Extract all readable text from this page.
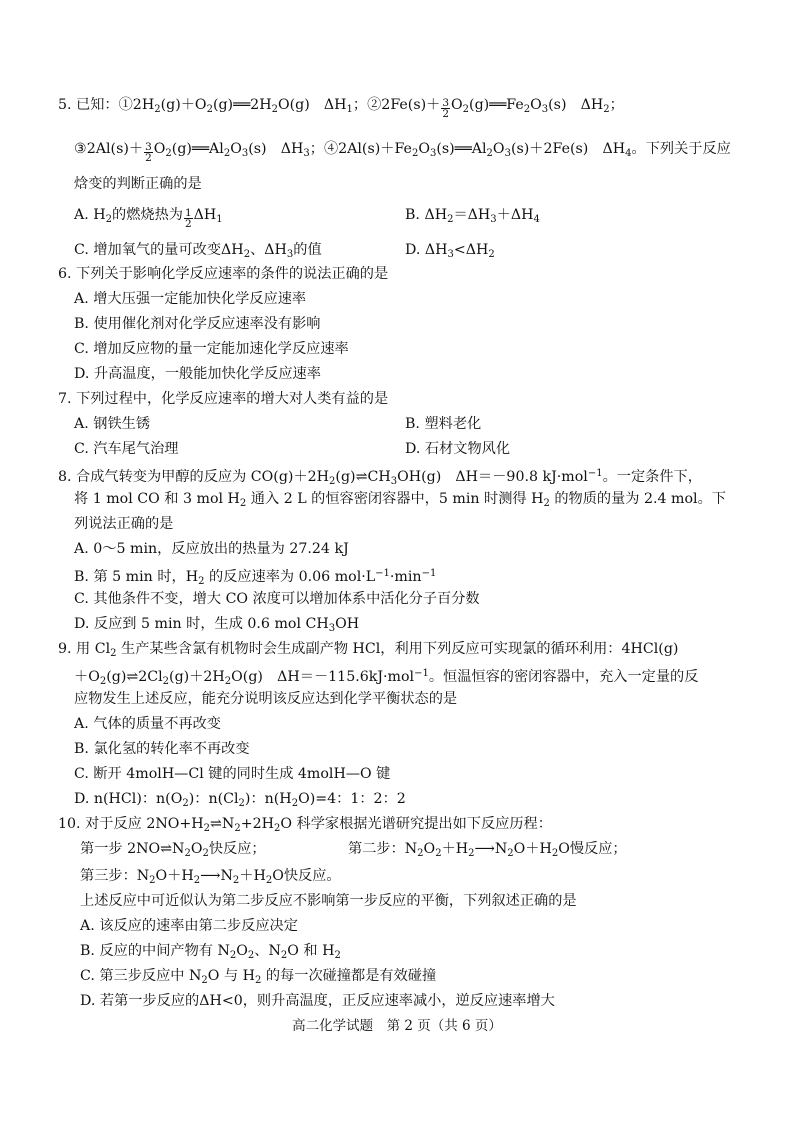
5. 已知：$①2H_2(g)+O_2(g)══2H_2O(g)$　$\Delta H_1$；②2Fe(s)＋ $\frac{3}{2}$ $O_2(g)══Fe_2O_3(s)$　$\Delta H_2$；
③2Al(s)＋ $\frac{3}{2}$ $O_2(g)══Al_2O_3(s)$　$\Delta H_3$；$④2Al(s)+Fe_2O_3(s)══Al_2O_3(s)+2Fe(s)$　$\Delta H_4$。下列关于反应
焓变的判断正确的是
A. $H_2$的燃烧热为 $\frac{1}{2} \Delta H_1$	B. $\Delta H_2=\Delta H_3+\Delta H_4$
C. 增加氧气的量可改变$\Delta H_2$、$\Delta H_3$的值	D. $\Delta H_3<\Delta H_2$
6. 下列关于影响化学反应速率的条件的说法正确的是
A. 增大压强一定能加快化学反应速率
B. 使用催化剂对化学反应速率没有影响
C. 增加反应物的量一定能加速化学反应速率
D. 升高温度，一般能加快化学反应速率
7. 下列过程中，化学反应速率的增大对人类有益的是
A. 钢铁生锈	B. 塑料老化
C. 汽车尾气治理	D. 石材文物风化
8. 合成气转变为甲醇的反应为 $CO(g)+2H_2(g)\rightleftharpoons CH_3OH(g)$　ΔH＝－90.8 kJ·mol$^{-1}$。一定条件下，
将 1 mol CO 和 3 mol $H_2$ 通入 2 L 的恒容密闭容器中，5 min 时测得 $H_2$ 的物质的量为 2.4 mol。下
列说法正确的是
A. 0～5 min，反应放出的热量为 27.24 kJ
B. 第 5 min 时，$H_2$ 的反应速率为 0.06 $mol\cdot L^{-1}\cdot\min^{-1}$
C. 其他条件不变，增大 CO 浓度可以增加体系中活化分子百分数
D. 反应到 5 min 时，生成 0.6 mol $CH_3OH$
9. 用 $Cl_2$ 生产某些含氯有机物时会生成副产物 HCl，利用下列反应可实现氯的循环利用：4HCl(g)
$+O_2(g)\rightleftharpoons 2Cl_2(g)+2H_2O(g)$　ΔH＝－115.6kJ·mol$^{-1}$。恒温恒容的密闭容器中，充入一定量的反
应物发生上述反应，能充分说明该反应达到化学平衡状态的是
A. 气体的质量不再改变
B. 氯化氢的转化率不再改变
C. 断开 4molH—Cl 键的同时生成 4molH—O 键
D. n(HCl)：$n(O_2)$：$n(Cl_2)$：$n(H_2O)=4$：1：2：2
10. 对于反应 $2NO+H_2\rightleftharpoons N_2+2H_2O$ 科学家根据光谱研究提出如下反应历程：
第一步 $2NO\rightleftharpoons N_2O_2$快反应；	第二步：$N_2O_2+H_2⟶N_2O+H_2O$慢反应；
第三步：$N_2O+H_2⟶N_2+H_2O$快反应。
上述反应中可近似认为第二步反应不影响第一步反应的平衡，下列叙述正确的是
A. 该反应的速率由第二步反应决定
B. 反应的中间产物有 $N_2O_2$、$N_2O$ 和 $H_2$
C. 第三步反应中 $N_2O$ 与 $H_2$ 的每一次碰撞都是有效碰撞
D. 若第一步反应的ΔH<0，则升高温度，正反应速率减小，逆反应速率增大
高二化学试题　第 2 页（共 6 页）
